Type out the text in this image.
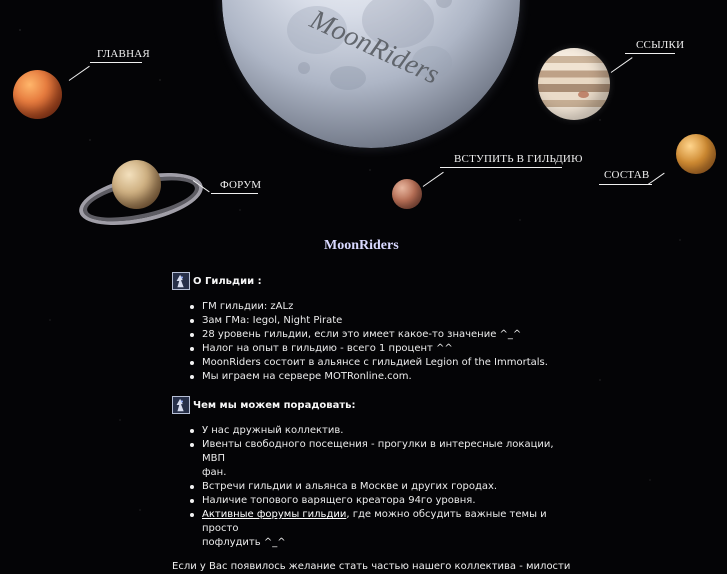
MoonRiders
ГЛАВНАЯ
ФОРУМ
ССЫЛКИ
ВСТУПИТЬ В ГИЛЬДИЮ
СОСТАВ
MoonRiders
О Гильдии :
ГМ гильдии: zALz
Зам ГМа: Iegol, Night Pirate
28 уровень гильдии, если это имеет какое-то значение ^_^
Налог на опыт в гильдию - всего 1 процент ^^
MoonRiders состоит в альянсе с гильдией Legion of the Immortals.
Мы играем на сервере MOTRonline.com.
Чем мы можем порадовать:
У нас дружный коллектив.
Ивенты свободного посещения - прогулки в интересные локации, МВП
фан.
Встречи гильдии и альянса в Москве и других городах.
Наличие топового варящего креатора 94го уровня.
Активные форумы гильдии, где можно обсудить важные темы и просто
пофлудить ^_^
Если у Вас появилось желание стать частью нашего коллектива - милости
